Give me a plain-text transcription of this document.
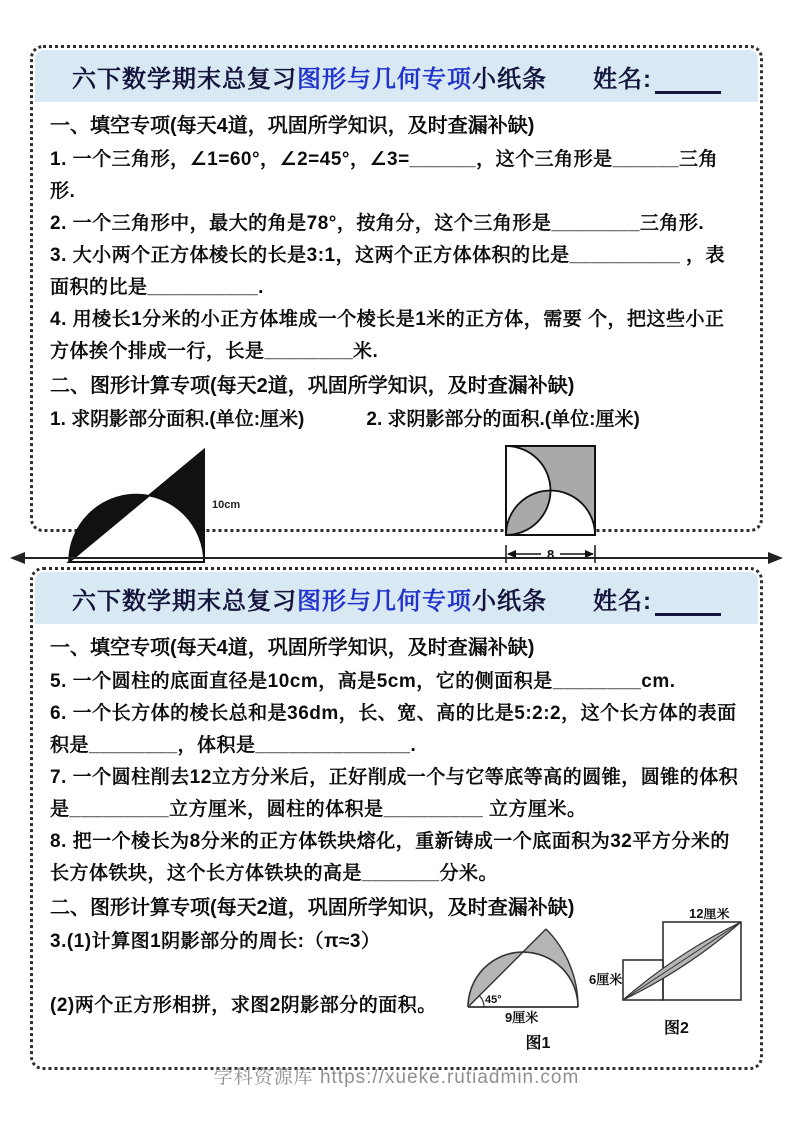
六下数学期末总复习 图形与几何专项 小纸条 姓名:

一、填空专项(每天4道，巩固所学知识，及时查漏补缺)

1. 一个三角形，∠1=60°，∠2=45°，∠3=______，这个三角形是______三角形.

2. 一个三角形中，最大的角是78°，按角分，这个三角形是________三角形.

3. 大小两个正方体棱长的长是3:1，这两个正方体体积的比是__________ ，表面积的比是__________.

4. 用棱长1分米的小正方体堆成一个棱长是1米的正方体，需要 个，把这些小正方体挨个排成一行，长是________米.

二、图形计算专项(每天2道，巩固所学知识，及时查漏补缺)

1. 求阴影部分面积.(单位:厘米)	2. 求阴影部分的面积.(单位:厘米)
10cm
8
六下数学期末总复习 图形与几何专项 小纸条 姓名:

一、填空专项(每天4道，巩固所学知识，及时查漏补缺)

5. 一个圆柱的底面直径是10cm，高是5cm，它的侧面积是________cm.

6. 一个长方体的棱长总和是36dm，长、宽、高的比是5:2:2，这个长方体的表面积是________，体积是______________.

7. 一个圆柱削去12立方分米后，正好削成一个与它等底等高的圆锥，圆锥的体积是_________立方厘米，圆柱的体积是_________ 立方厘米。

8. 把一个棱长为8分米的正方体铁块熔化，重新铸成一个底面积为32平方分米的长方体铁块，这个长方体铁块的高是_______分米。

二、图形计算专项(每天2道，巩固所学知识，及时查漏补缺)

3.(1)计算图1阴影部分的周长:（π≈3）

(2)两个正方形相拼，求图2阴影部分的面积。	45°
9厘米
图1
12厘米
6厘米
图2
学科资源库 https://xueke.rutiadmin.com
